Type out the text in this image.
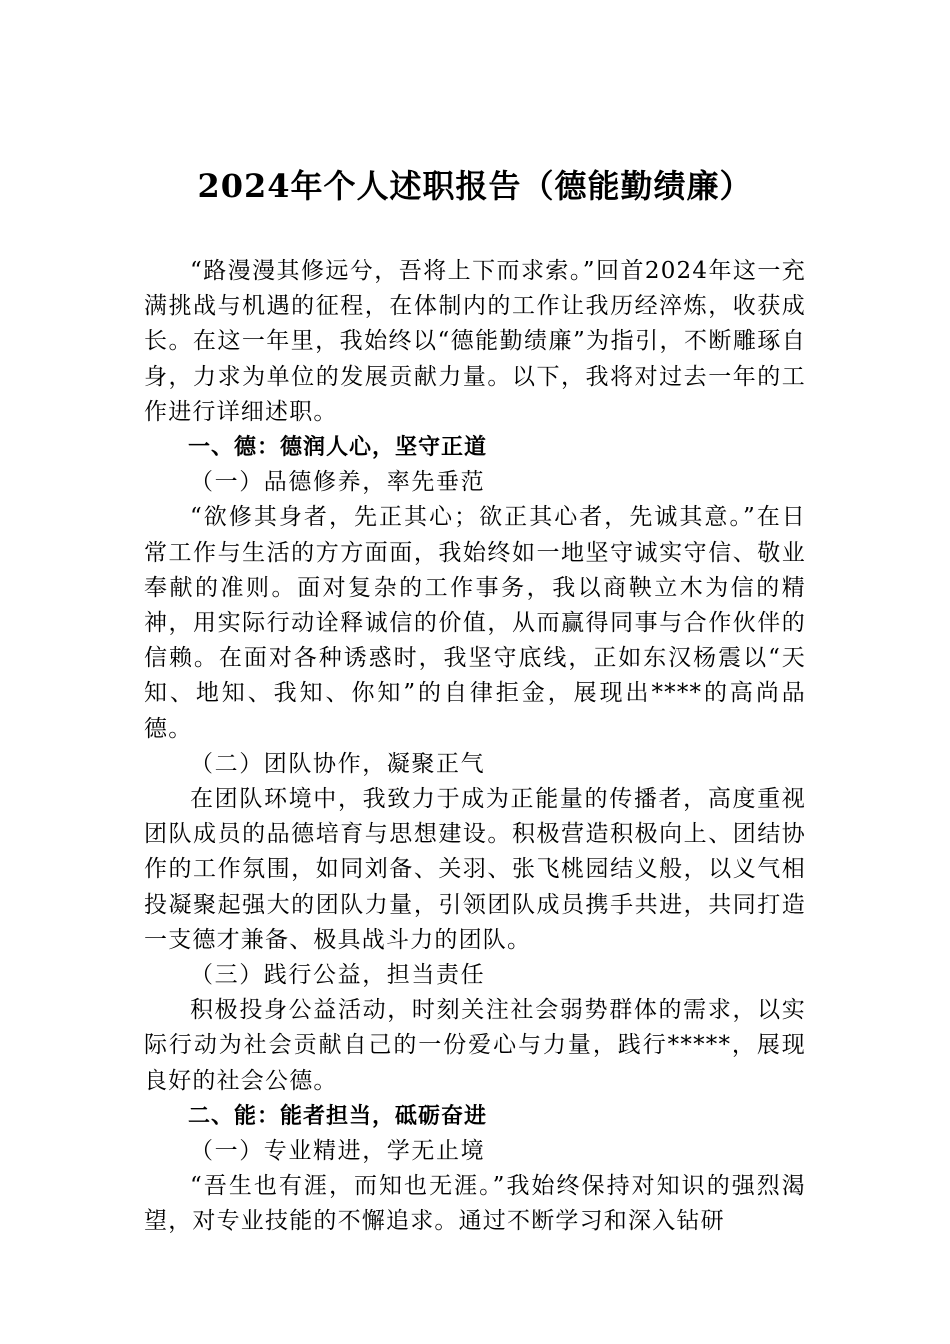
2024年个人述职报告（德能勤绩廉）

“路漫漫其修远兮，吾将上下而求索。”回首2024年这一充满挑战与机遇的征程，在体制内的工作让我历经淬炼，收获成长。在这一年里，我始终以“德能勤绩廉”为指引，不断雕琢自身，力求为单位的发展贡献力量。以下，我将对过去一年的工作进行详细述职。

一、德：德润人心，坚守正道

（一）品德修养，率先垂范

“欲修其身者，先正其心；欲正其心者，先诚其意。”在日常工作与生活的方方面面，我始终如一地坚守诚实守信、敬业奉献的准则。面对复杂的工作事务，我以商鞅立木为信的精神，用实际行动诠释诚信的价值，从而赢得同事与合作伙伴的信赖。在面对各种诱惑时，我坚守底线，正如东汉杨震以“天知、地知、我知、你知”的自律拒金，展现出****的高尚品德。

（二）团队协作，凝聚正气

在团队环境中，我致力于成为正能量的传播者，高度重视团队成员的品德培育与思想建设。积极营造积极向上、团结协作的工作氛围，如同刘备、关羽、张飞桃园结义般，以义气相投凝聚起强大的团队力量，引领团队成员携手共进，共同打造一支德才兼备、极具战斗力的团队。

（三）践行公益，担当责任

积极投身公益活动，时刻关注社会弱势群体的需求，以实际行动为社会贡献自己的一份爱心与力量，践行*****，展现良好的社会公德。

二、能：能者担当，砥砺奋进

（一）专业精进，学无止境

“吾生也有涯，而知也无涯。”我始终保持对知识的强烈渴望，对专业技能的不懈追求。通过不断学习和深入钻研
